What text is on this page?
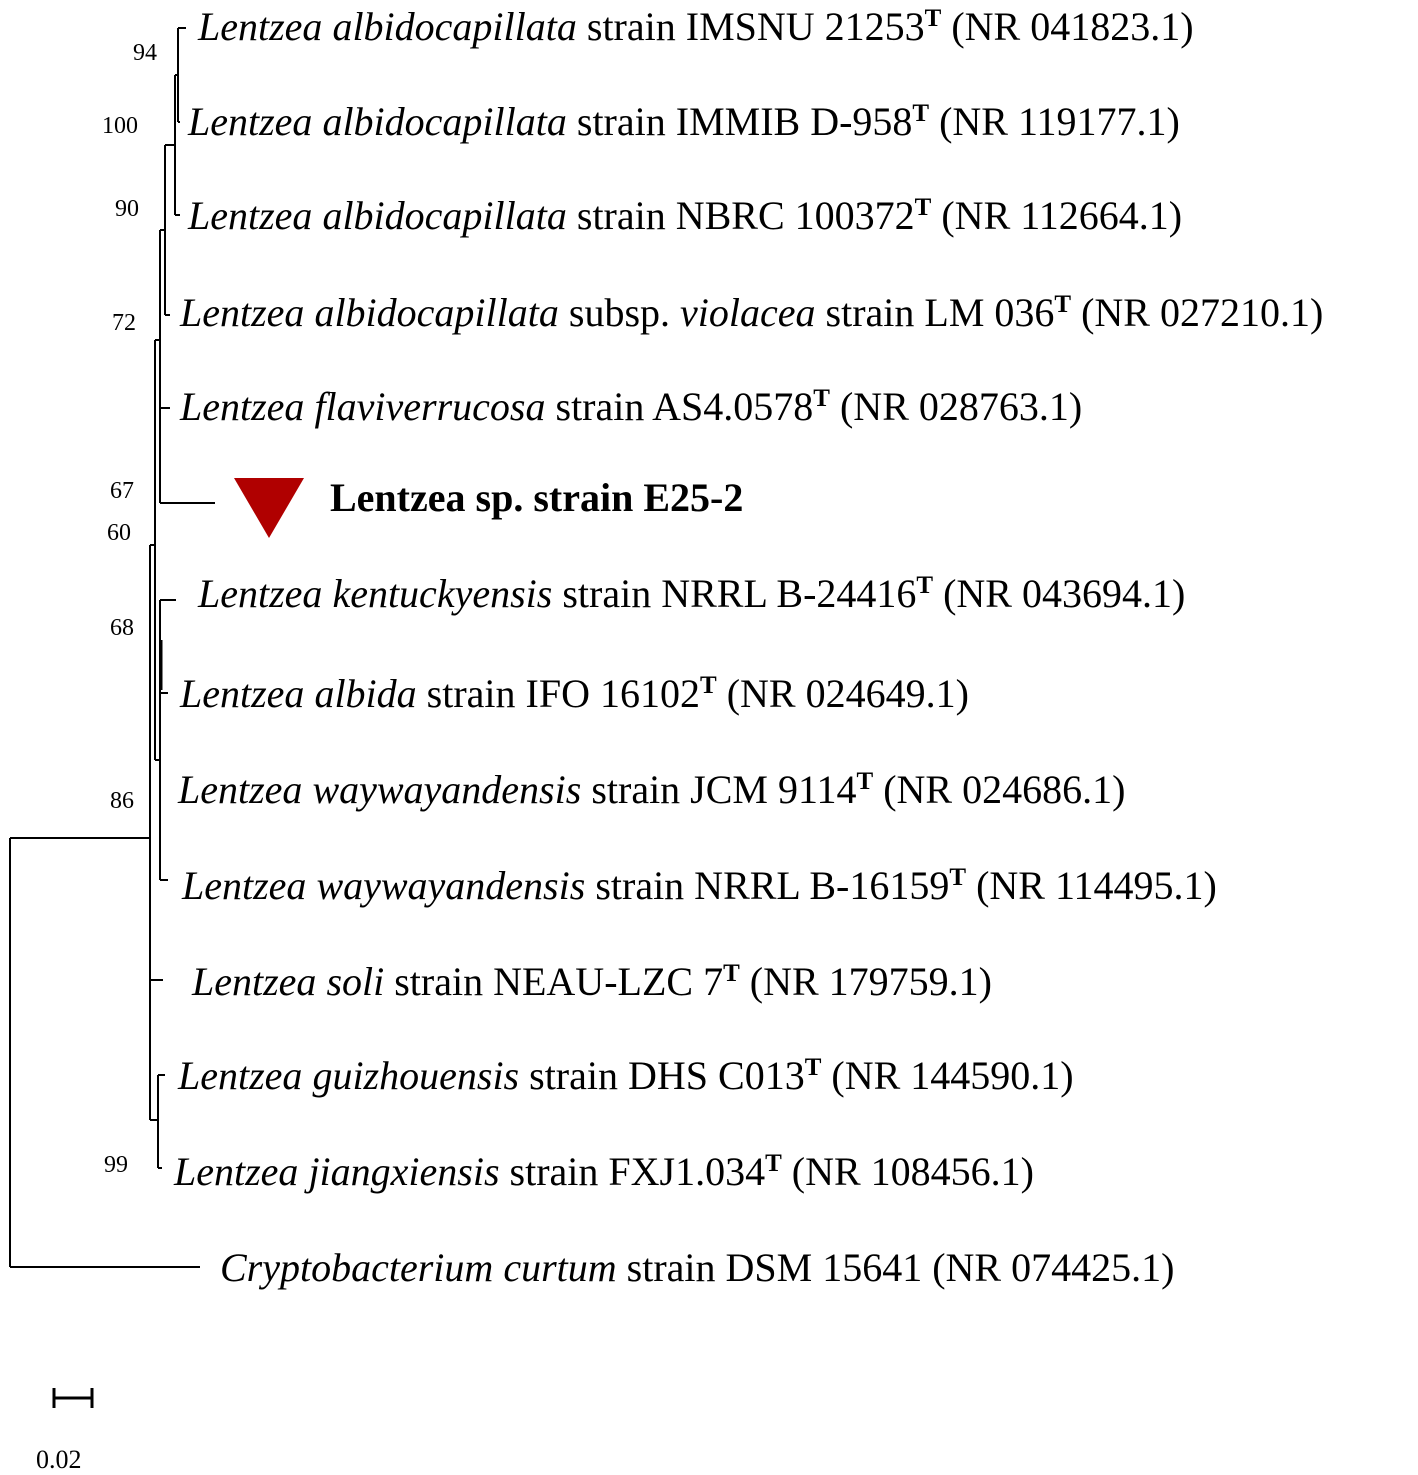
94
100
90
72
67
60
68
86
99
Lentzea albidocapillata strain IMSNU $21253^T$ (NR 041823.1)
Lentzea albidocapillata strain IMMIB $D-958^T$ (NR 119177.1)
Lentzea albidocapillata strain NBRC $100372^T$ (NR 112664.1)
Lentzea albidocapillata subsp. violacea strain LM $036^T$ (NR 027210.1)
Lentzea flaviverrucosa strain $AS4.0578^T$ (NR 028763.1)
Lentzea sp. strain E25-2
Lentzea kentuckyensis strain NRRL $B-24416^T$ (NR 043694.1)
Lentzea albida strain IFO $16102^T$ (NR 024649.1)
Lentzea waywayandensis strain JCM $9114^T$ (NR 024686.1)
Lentzea waywayandensis strain NRRL $B-16159^T$ (NR 114495.1)
Lentzea soli strain NEAU-LZC $7^T$ (NR 179759.1)
Lentzea guizhouensis strain DHS $C013^T$ (NR 144590.1)
Lentzea jiangxiensis strain $FXJ1.034^T$ (NR 108456.1)
Cryptobacterium curtum strain DSM 15641 (NR 074425.1)
0.02
